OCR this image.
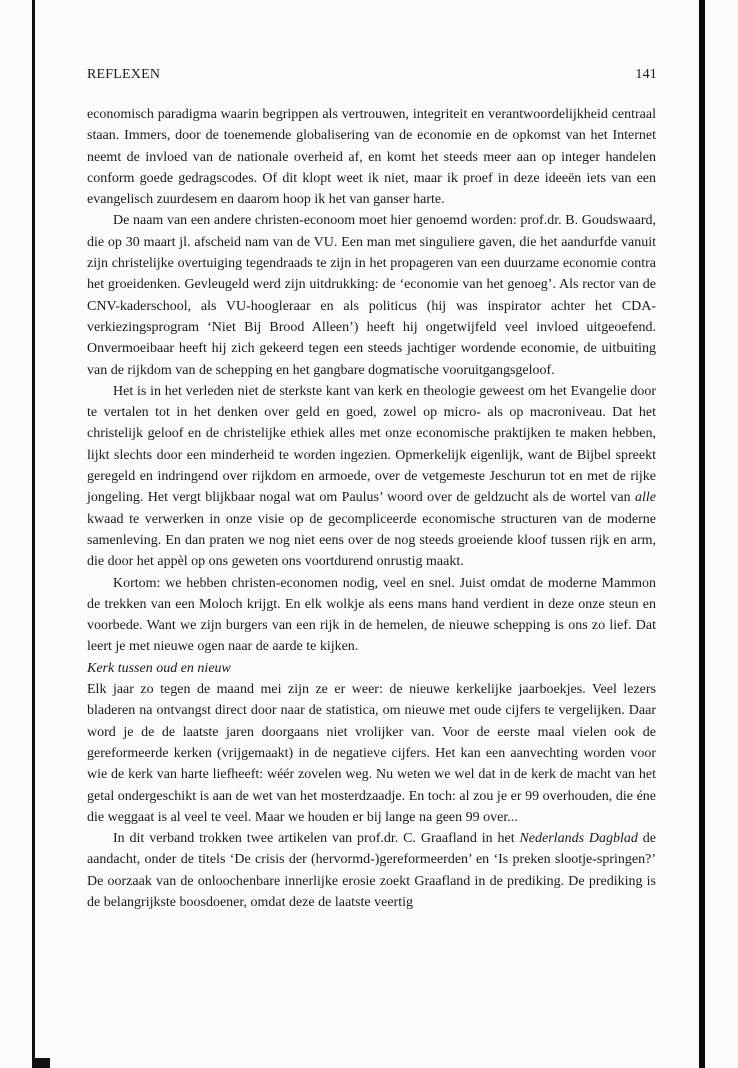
REFLEXEN	141

economisch paradigma waarin begrippen als vertrouwen, integriteit en verantwoordelijkheid centraal staan. Immers, door de toenemende globalisering van de economie en de opkomst van het Internet neemt de invloed van de nationale overheid af, en komt het steeds meer aan op integer handelen conform goede gedragscodes. Of dit klopt weet ik niet, maar ik proef in deze ideeën iets van een evangelisch zuurdesem en daarom hoop ik het van ganser harte.

De naam van een andere christen-econoom moet hier genoemd worden: prof.dr. B. Goudswaard, die op 30 maart jl. afscheid nam van de VU. Een man met singuliere gaven, die het aandurfde vanuit zijn christelijke overtuiging tegendraads te zijn in het propageren van een duurzame economie contra het groeidenken. Gevleugeld werd zijn uitdrukking: de ‘economie van het genoeg’. Als rector van de CNV-kaderschool, als VU-hoogleraar en als politicus (hij was inspirator achter het CDA-verkiezingsprogram ‘Niet Bij Brood Alleen’) heeft hij ongetwijfeld veel invloed uitgeoefend. Onvermoeibaar heeft hij zich gekeerd tegen een steeds jachtiger wordende economie, de uitbuiting van de rijkdom van de schepping en het gangbare dogmatische vooruitgangsgeloof.

Het is in het verleden niet de sterkste kant van kerk en theologie geweest om het Evangelie door te vertalen tot in het denken over geld en goed, zowel op micro- als op macroniveau. Dat het christelijk geloof en de christelijke ethiek alles met onze economische praktijken te maken hebben, lijkt slechts door een minderheid te worden ingezien. Opmerkelijk eigenlijk, want de Bijbel spreekt geregeld en indringend over rijkdom en armoede, over de vetgemeste Jeschurun tot en met de rijke jongeling. Het vergt blijkbaar nogal wat om Paulus’ woord over de geldzucht als de wortel van alle kwaad te verwerken in onze visie op de gecompliceerde economische structuren van de moderne samenleving. En dan praten we nog niet eens over de nog steeds groeiende kloof tussen rijk en arm, die door het appèl op ons geweten ons voortdurend onrustig maakt.

Kortom: we hebben christen-economen nodig, veel en snel. Juist omdat de moderne Mammon de trekken van een Moloch krijgt. En elk wolkje als eens mans hand verdient in deze onze steun en voorbede. Want we zijn burgers van een rijk in de hemelen, de nieuwe schepping is ons zo lief. Dat leert je met nieuwe ogen naar de aarde te kijken.

Kerk tussen oud en nieuw

Elk jaar zo tegen de maand mei zijn ze er weer: de nieuwe kerkelijke jaarboekjes. Veel lezers bladeren na ontvangst direct door naar de statistica, om nieuwe met oude cijfers te vergelijken. Daar word je de de laatste jaren doorgaans niet vrolijker van. Voor de eerste maal vielen ook de gereformeerde kerken (vrijgemaakt) in de negatieve cijfers. Het kan een aanvechting worden voor wie de kerk van harte liefheeft: wéér zovelen weg. Nu weten we wel dat in de kerk de macht van het getal ondergeschikt is aan de wet van het mosterdzaadje. En toch: al zou je er 99 overhouden, die éne die weggaat is al veel te veel. Maar we houden er bij lange na geen 99 over...

In dit verband trokken twee artikelen van prof.dr. C. Graafland in het Nederlands Dagblad de aandacht, onder de titels ‘De crisis der (hervormd-)gereformeerden’ en ‘Is preken slootje-springen?’ De oorzaak van de onloochenbare innerlijke erosie zoekt Graafland in de prediking. De prediking is de belangrijkste boosdoener, omdat deze de laatste veertig
